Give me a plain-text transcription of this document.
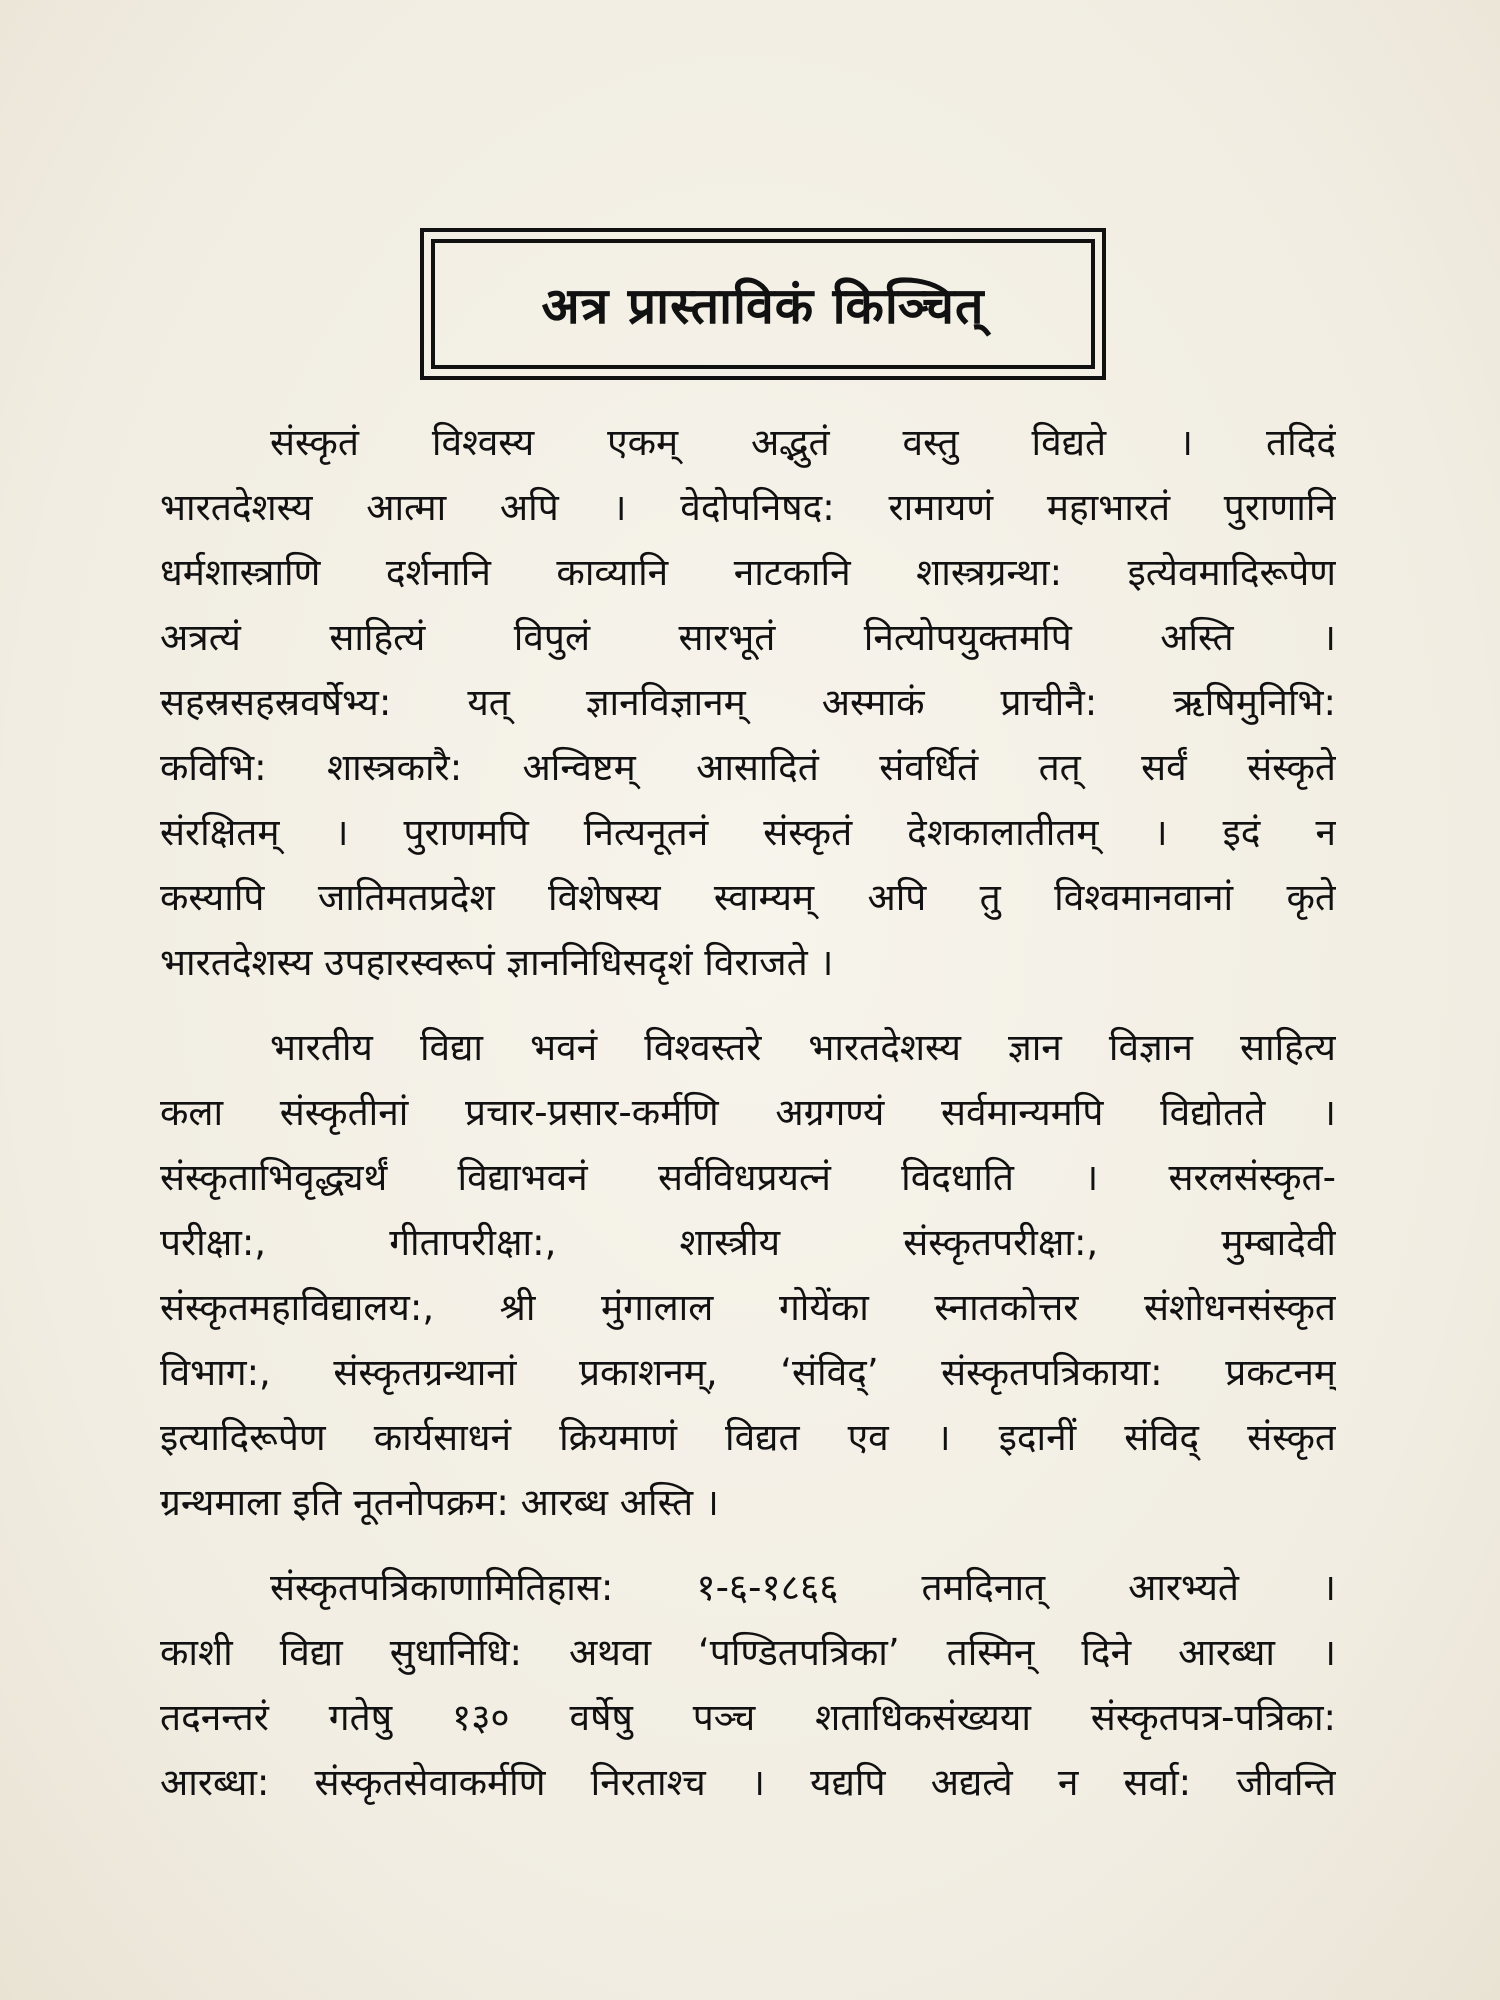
अत्र प्रास्ताविकं किञ्चित्
संस्कृतं विश्वस्य एकम् अद्भुतं वस्तु विद्यते । तदिदं
भारतदेशस्य आत्मा अपि । वेदोपनिषद: रामायणं महाभारतं पुराणानि
धर्मशास्त्राणि दर्शनानि काव्यानि नाटकानि शास्त्रग्रन्था: इत्येवमादिरूपेण
अत्रत्यं साहित्यं विपुलं सारभूतं नित्योपयुक्तमपि अस्ति ।
सहस्रसहस्रवर्षेभ्य: यत् ज्ञानविज्ञानम् अस्माकं प्राचीनै: ऋषिमुनिभि:
कविभि: शास्त्रकारै: अन्विष्टम् आसादितं संवर्धितं तत् सर्वं संस्कृते
संरक्षितम् । पुराणमपि नित्यनूतनं संस्कृतं देशकालातीतम् । इदं न
कस्यापि जातिमतप्रदेश विशेषस्य स्वाम्यम् अपि तु विश्वमानवानां कृते
भारतदेशस्य उपहारस्वरूपं ज्ञाननिधिसदृशं विराजते ।
भारतीय विद्या भवनं विश्वस्तरे भारतदेशस्य ज्ञान विज्ञान साहित्य
कला संस्कृतीनां प्रचार-प्रसार-कर्मणि अग्रगण्यं सर्वमान्यमपि विद्योतते ।
संस्कृताभिवृद्ध्यर्थं विद्याभवनं सर्वविधप्रयत्नं विदधाति । सरलसंस्कृत-
परीक्षा:, गीतापरीक्षा:, शास्त्रीय संस्कृतपरीक्षा:, मुम्बादेवी
संस्कृतमहाविद्यालय:, श्री मुंगालाल गोयेंका स्नातकोत्तर संशोधनसंस्कृत
विभाग:, संस्कृतग्रन्थानां प्रकाशनम्, ‘संविद्’ संस्कृतपत्रिकाया: प्रकटनम्
इत्यादिरूपेण कार्यसाधनं क्रियमाणं विद्यत एव । इदानीं संविद् संस्कृत
ग्रन्थमाला इति नूतनोपक्रम: आरब्ध अस्ति ।
संस्कृतपत्रिकाणामितिहास: १-६-१८६६ तमदिनात् आरभ्यते ।
काशी विद्या सुधानिधि: अथवा ‘पण्डितपत्रिका’ तस्मिन् दिने आरब्धा ।
तदनन्तरं गतेषु १३० वर्षेषु पञ्च शताधिकसंख्यया संस्कृतपत्र-पत्रिका:
आरब्धा: संस्कृतसेवाकर्मणि निरताश्च । यद्यपि अद्यत्वे न सर्वा: जीवन्ति
